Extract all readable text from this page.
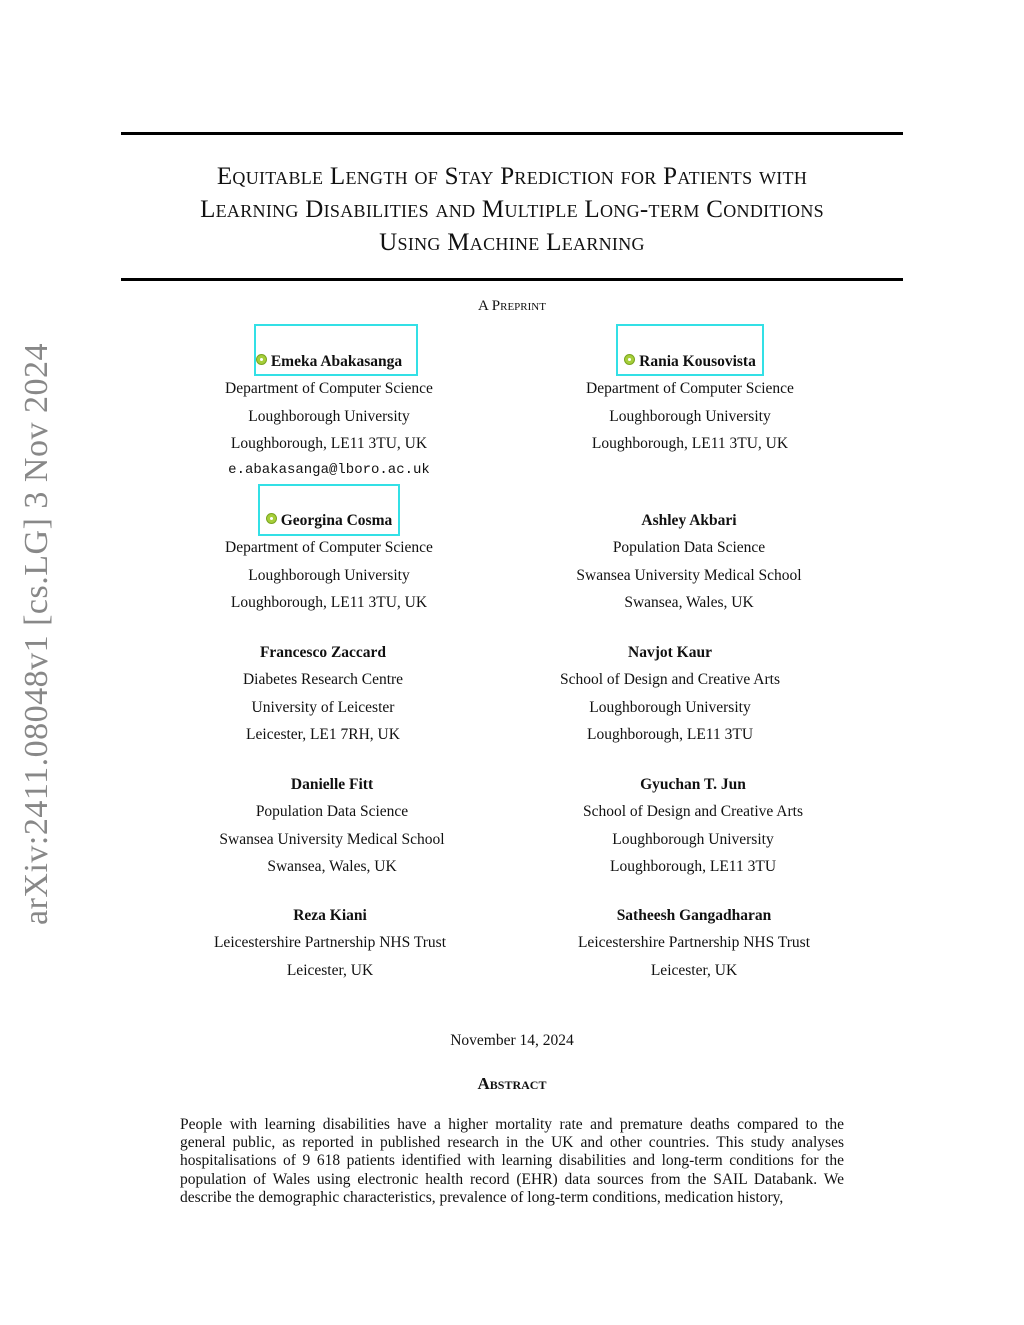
arXiv:2411.08048v1 [cs.LG] 3 Nov 2024
Equitable Length of Stay Prediction for Patients with
Learning Disabilities and Multiple Long-term Conditions
Using Machine Learning
A Preprint
Emeka Abakasanga
Department of Computer Science
Loughborough University
Loughborough, LE11 3TU, UK
e.abakasanga@lboro.ac.uk
Rania Kousovista
Department of Computer Science
Loughborough University
Loughborough, LE11 3TU, UK
Georgina Cosma
Department of Computer Science
Loughborough University
Loughborough, LE11 3TU, UK
Ashley Akbari
Population Data Science
Swansea University Medical School
Swansea, Wales, UK
Francesco Zaccard
Diabetes Research Centre
University of Leicester
Leicester, LE1 7RH, UK
Navjot Kaur
School of Design and Creative Arts
Loughborough University
Loughborough, LE11 3TU
Danielle Fitt
Population Data Science
Swansea University Medical School
Swansea, Wales, UK
Gyuchan T. Jun
School of Design and Creative Arts
Loughborough University
Loughborough, LE11 3TU
Reza Kiani
Leicestershire Partnership NHS Trust
Leicester, UK
Satheesh Gangadharan
Leicestershire Partnership NHS Trust
Leicester, UK
November 14, 2024
Abstract

People with learning disabilities have a higher mortality rate and premature deaths compared to the general public, as reported in published research in the UK and other countries. This study analyses hospitalisations of 9 618 patients identified with learning disabilities and long-term conditions for the population of Wales using electronic health record (EHR) data sources from the SAIL Databank. We describe the demographic characteristics, prevalence of long-term conditions, medication history,
